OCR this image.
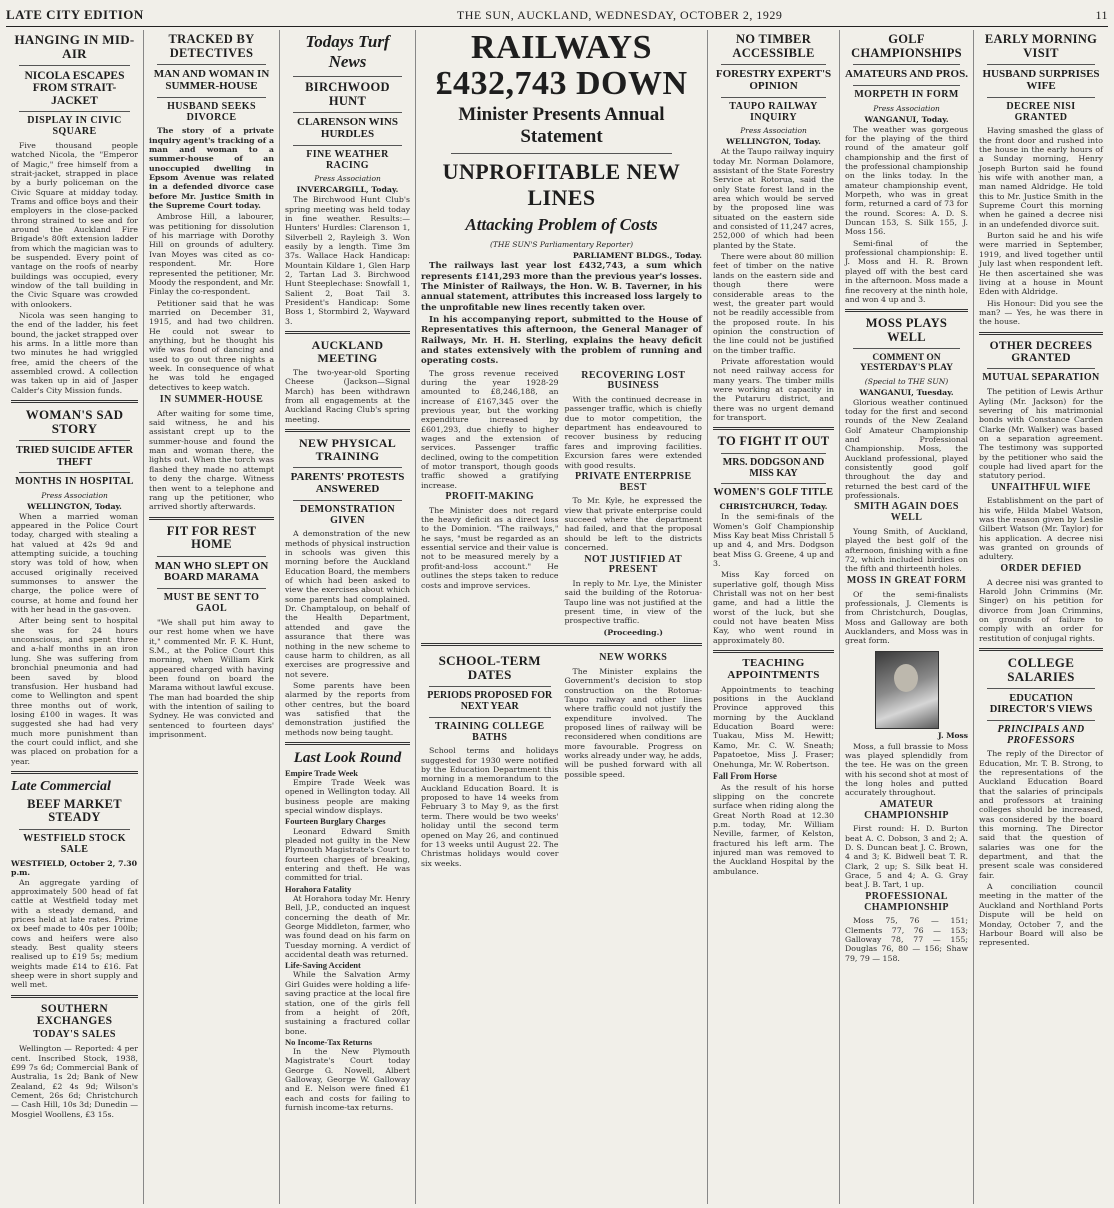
LATE CITY EDITION	THE SUN, AUCKLAND, WEDNESDAY, OCTOBER 2, 1929	11
HANGING IN MID-AIR
NICOLA ESCAPES FROM STRAIT-JACKET
DISPLAY IN CIVIC SQUARE

Five thousand people watched Nicola, the "Emperor of Magic," free himself from a strait-jacket, strapped in place by a burly policeman on the Civic Square at midday today. Trams and office boys and their employers in the close-packed throng strained to see and for around the Auckland Fire Brigade's 80ft extension ladder from which the magician was to be suspended. Every point of vantage on the roofs of nearby buildings was occupied, every window of the tall building in the Civic Square was crowded with onlookers.

Nicola was seen hanging to the end of the ladder, his feet bound, the jacket strapped over his arms. In a little more than two minutes he had wriggled free, amid the cheers of the assembled crowd. A collection was taken up in aid of Jasper Calder's City Mission funds.

WOMAN'S SAD STORY
TRIED SUICIDE AFTER THEFT
MONTHS IN HOSPITAL
Press Association
WELLINGTON, Today.

When a married woman appeared in the Police Court today, charged with stealing a hat valued at 42s 9d and attempting suicide, a touching story was told of how, when accused originally received summonses to answer the charge, the police were of course, at home and found her with her head in the gas-oven.

After being sent to hospital she was for 24 hours unconscious, and spent three and a-half months in an iron lung. She was suffering from bronchial pneumonia and had been saved by blood transfusion. Her husband had come to Wellington and spent three months out of work, losing £100 in wages. It was suggested she had had very much more punishment than the court could inflict, and she was placed on probation for a year.

Late Commercial
BEEF MARKET STEADY
WESTFIELD STOCK SALE
WESTFIELD, October 2, 7.30 p.m.

An aggregate yarding of approximately 500 head of fat cattle at Westfield today met with a steady demand, and prices held at late rates. Prime ox beef made to 40s per 100lb; cows and heifers were also steady. Best quality steers realised up to £19 5s; medium weights made £14 to £16. Fat sheep were in short supply and well met.

SOUTHERN EXCHANGES
TODAY'S SALES

Wellington — Reported: 4 per cent. Inscribed Stock, 1938, £99 7s 6d; Commercial Bank of Australia, 1s 2d; Bank of New Zealand, £2 4s 9d; Wilson's Cement, 26s 6d; Christchurch — Cash Hill, 10s 3d; Dunedin — Mosgiel Woollens, £3 15s.

TRACKED BY DETECTIVES
MAN AND WOMAN IN SUMMER-HOUSE
HUSBAND SEEKS DIVORCE

The story of a private inquiry agent's tracking of a man and woman to a summer-house of an unoccupied dwelling in Epsom Avenue was related in a defended divorce case before Mr. Justice Smith in the Supreme Court today.

Ambrose Hill, a labourer, was petitioning for dissolution of his marriage with Dorothy Hill on grounds of adultery. Ivan Moyes was cited as co-respondent. Mr. Hore represented the petitioner, Mr. Moody the respondent, and Mr. Finlay the co-respondent.

Petitioner said that he was married on December 31, 1915, and had two children. He could not swear to anything, but he thought his wife was fond of dancing and used to go out three nights a week. In consequence of what he was told he engaged detectives to keep watch.

IN SUMMER-HOUSE

After waiting for some time, said witness, he and his assistant crept up to the summer-house and found the man and woman there, the lights out. When the torch was flashed they made no attempt to deny the charge. Witness then went to a telephone and rang up the petitioner, who arrived shortly afterwards.

FIT FOR REST HOME
MAN WHO SLEPT ON BOARD MARAMA
MUST BE SENT TO GAOL

"We shall put him away to our rest home when we have it," commented Mr. F. K. Hunt, S.M., at the Police Court this morning, when William Kirk appeared charged with having been found on board the Marama without lawful excuse. The man had boarded the ship with the intention of sailing to Sydney. He was convicted and sentenced to fourteen days' imprisonment.

Todays Turf News
BIRCHWOOD HUNT
CLARENSON WINS HURDLES
FINE WEATHER RACING
Press Association
INVERCARGILL, Today.

The Birchwood Hunt Club's spring meeting was held today in fine weather. Results:— Hunters' Hurdles: Clarenson 1, Silverbell 2, Rayleigh 3. Won easily by a length. Time 3m 37s. Wallace Hack Handicap: Mountain Kildare 1, Glen Harp 2, Tartan Lad 3. Birchwood Hunt Steeplechase: Snowfall 1, Salient 2, Boat Tail 3. President's Handicap: Some Boss 1, Stormbird 2, Wayward 3.

AUCKLAND MEETING

The two-year-old Sporting Cheese (Jackson—Signal March) has been withdrawn from all engagements at the Auckland Racing Club's spring meeting.

NEW PHYSICAL TRAINING
PARENTS' PROTESTS ANSWERED
DEMONSTRATION GIVEN

A demonstration of the new methods of physical instruction in schools was given this morning before the Auckland Education Board, the members of which had been asked to view the exercises about which some parents had complained. Dr. Champtaloup, on behalf of the Health Department, attended and gave the assurance that there was nothing in the new scheme to cause harm to children, as all exercises are progressive and not severe.

Some parents have been alarmed by the reports from other centres, but the board was satisfied that the demonstration justified the methods now being taught.

Last Look Round
Empire Trade Week

Empire Trade Week was opened in Wellington today. All business people are making special window displays.

Fourteen Burglary Charges

Leonard Edward Smith pleaded not guilty in the New Plymouth Magistrate's Court to fourteen charges of breaking, entering and theft. He was committed for trial.

Horahora Fatality

At Horahora today Mr. Henry Bell, J.P., conducted an inquest concerning the death of Mr. George Middleton, farmer, who was found dead on his farm on Tuesday morning. A verdict of accidental death was returned.

Life-Saving Accident

While the Salvation Army Girl Guides were holding a life-saving practice at the local fire station, one of the girls fell from a height of 20ft, sustaining a fractured collar bone.

No Income-Tax Returns

In the New Plymouth Magistrate's Court today George G. Nowell, Albert Galloway, George W. Galloway and E. Nelson were fined £1 each and costs for failing to furnish income-tax returns.

RAILWAYS £432,743 DOWN
Minister Presents Annual Statement
UNPROFITABLE NEW LINES
Attacking Problem of Costs
(THE SUN'S Parliamentary Reporter)
PARLIAMENT BLDGS., Today.

The railways last year lost £432,743, a sum which represents £141,293 more than the previous year's losses. The Minister of Railways, the Hon. W. B. Taverner, in his annual statement, attributes this increased loss largely to the unprofitable new lines recently taken over.

In his accompanying report, submitted to the House of Representatives this afternoon, the General Manager of Railways, Mr. H. H. Sterling, explains the heavy deficit and states extensively with the problem of running and operating costs.

The gross revenue received during the year 1928-29 amounted to £8,246,188, an increase of £167,345 over the previous year, but the working expenditure increased by £601,293, due chiefly to higher wages and the extension of services. Passenger traffic declined, owing to the competition of motor transport, though goods traffic showed a gratifying increase.

PROFIT-MAKING

The Minister does not regard the heavy deficit as a direct loss to the Dominion. "The railways," he says, "must be regarded as an essential service and their value is not to be measured merely by a profit-and-loss account." He outlines the steps taken to reduce costs and improve services.

RECOVERING LOST BUSINESS

With the continued decrease in passenger traffic, which is chiefly due to motor competition, the department has endeavoured to recover business by reducing fares and improving facilities. Excursion fares were extended with good results.

PRIVATE ENTERPRISE BEST

To Mr. Kyle, he expressed the view that private enterprise could succeed where the department had failed, and that the proposal should be left to the districts concerned.

NOT JUSTIFIED AT PRESENT

In reply to Mr. Lye, the Minister said the building of the Rotorua-Taupo line was not justified at the present time, in view of the prospective traffic.

(Proceeding.)
SCHOOL-TERM DATES
PERIODS PROPOSED FOR NEXT YEAR
TRAINING COLLEGE BATHS

School terms and holidays suggested for 1930 were notified by the Education Department this morning in a memorandum to the Auckland Education Board. It is proposed to have 14 weeks from February 3 to May 9, as the first term. There would be two weeks' holiday until the second term opened on May 26, and continued for 13 weeks until August 22. The Christmas holidays would cover six weeks.

NEW WORKS

The Minister explains the Government's decision to stop construction on the Rotorua-Taupo railway and other lines where traffic could not justify the expenditure involved. The proposed lines of railway will be reconsidered when conditions are more favourable. Progress on works already under way, he adds, will be pushed forward with all possible speed.

NO TIMBER ACCESSIBLE
FORESTRY EXPERT'S OPINION
TAUPO RAILWAY INQUIRY
Press Association
WELLINGTON, Today.

At the Taupo railway inquiry today Mr. Norman Dolamore, assistant of the State Forestry Service at Rotorua, said the only State forest land in the area which would be served by the proposed line was situated on the eastern side and consisted of 11,247 acres, 252,000 of which had been planted by the State.

There were about 80 million feet of timber on the native lands on the eastern side and though there were considerable areas to the west, the greater part would not be readily accessible from the proposed route. In his opinion the construction of the line could not be justified on the timber traffic.

Private afforestation would not need railway access for many years. The timber mills were working at capacity in the Putaruru district, and there was no urgent demand for transport.

TO FIGHT IT OUT
MRS. DODGSON AND MISS KAY
WOMEN'S GOLF TITLE
CHRISTCHURCH, Today.

In the semi-finals of the Women's Golf Championship Miss Kay beat Miss Christall 5 up and 4, and Mrs. Dodgson beat Miss G. Greene, 4 up and 3.

Miss Kay forced on superlative golf, though Miss Christall was not on her best game, and had a little the worst of the luck, but she could not have beaten Miss Kay, who went round in approximately 80.

TEACHING APPOINTMENTS

Appointments to teaching positions in the Auckland Province approved this morning by the Auckland Education Board were: Tuakau, Miss M. Hewitt; Kamo, Mr. C. W. Sneath; Papatoetoe, Miss J. Fraser; Onehunga, Mr. W. Robertson.

Fall From Horse

As the result of his horse slipping on the concrete surface when riding along the Great North Road at 12.30 p.m. today, Mr. William Neville, farmer, of Kelston, fractured his left arm. The injured man was removed to the Auckland Hospital by the ambulance.

GOLF CHAMPIONSHIPS
AMATEURS AND PROS.
MORPETH IN FORM
Press Association
WANGANUI, Today.

The weather was gorgeous for the playing of the third round of the amateur golf championship and the first of the professional championship on the links today. In the amateur championship event, Morpeth, who was in great form, returned a card of 73 for the round. Scores: A. D. S. Duncan 153, S. Silk 155, J. Moss 156.

Semi-final of the professional championship: E. J. Moss and H. R. Brown played off with the best card in the afternoon. Moss made a fine recovery at the ninth hole, and won 4 up and 3.

MOSS PLAYS WELL
COMMENT ON YESTERDAY'S PLAY
(Special to THE SUN)
WANGANUI, Tuesday.

Glorious weather continued today for the first and second rounds of the New Zealand Golf Amateur Championship and Professional Championship. Moss, the Auckland professional, played consistently good golf throughout the day and returned the best card of the professionals.

SMITH AGAIN DOES WELL

Young Smith, of Auckland, played the best golf of the afternoon, finishing with a fine 72, which included birdies on the fifth and thirteenth holes.

MOSS IN GREAT FORM

Of the semi-finalists professionals, J. Clements is from Christchurch, Douglas, Moss and Galloway are both Aucklanders, and Moss was in great form.

J. Moss

Moss, a full brassie to Moss was played splendidly from the tee. He was on the green with his second shot at most of the long holes and putted accurately throughout.

AMATEUR CHAMPIONSHIP

First round: H. D. Burton beat A. C. Dobson, 3 and 2; A. D. S. Duncan beat J. C. Brown, 4 and 3; K. Bidwell beat T. R. Clark, 2 up; S. Silk beat H. Grace, 5 and 4; A. G. Gray beat J. B. Tart, 1 up.

PROFESSIONAL CHAMPIONSHIP

Moss 75, 76 — 151; Clements 77, 76 — 153; Galloway 78, 77 — 155; Douglas 76, 80 — 156; Shaw 79, 79 — 158.

EARLY MORNING VISIT
HUSBAND SURPRISES WIFE
DECREE NISI GRANTED

Having smashed the glass of the front door and rushed into the house in the early hours of a Sunday morning, Henry Joseph Burton said he found his wife with another man, a man named Aldridge. He told this to Mr. Justice Smith in the Supreme Court this morning when he gained a decree nisi in an undefended divorce suit.

Burton said he and his wife were married in September, 1919, and lived together until July last when respondent left. He then ascertained she was living at a house in Mount Eden with Aldridge.

His Honour: Did you see the man? — Yes, he was there in the house.

OTHER DECREES GRANTED
MUTUAL SEPARATION

The petition of Lewis Arthur Ayling (Mr. Jackson) for the severing of his matrimonial bonds with Constance Carden Clarke (Mr. Walker) was based on a separation agreement. The testimony was supported by the petitioner who said the couple had lived apart for the statutory period.

UNFAITHFUL WIFE

Establishment on the part of his wife, Hilda Mabel Watson, was the reason given by Leslie Gilbert Watson (Mr. Taylor) for his application. A decree nisi was granted on grounds of adultery.

ORDER DEFIED

A decree nisi was granted to Harold John Crimmins (Mr. Singer) on his petition for divorce from Joan Crimmins, on grounds of failure to comply with an order for restitution of conjugal rights.

COLLEGE SALARIES
EDUCATION DIRECTOR'S VIEWS
PRINCIPALS AND PROFESSORS

The reply of the Director of Education, Mr. T. B. Strong, to the representations of the Auckland Education Board that the salaries of principals and professors at training colleges should be increased, was considered by the board this morning. The Director said that the question of salaries was one for the department, and that the present scale was considered fair.

A conciliation council meeting in the matter of the Auckland and Northland Ports Dispute will be held on Monday, October 7, and the Harbour Board will also be represented.
